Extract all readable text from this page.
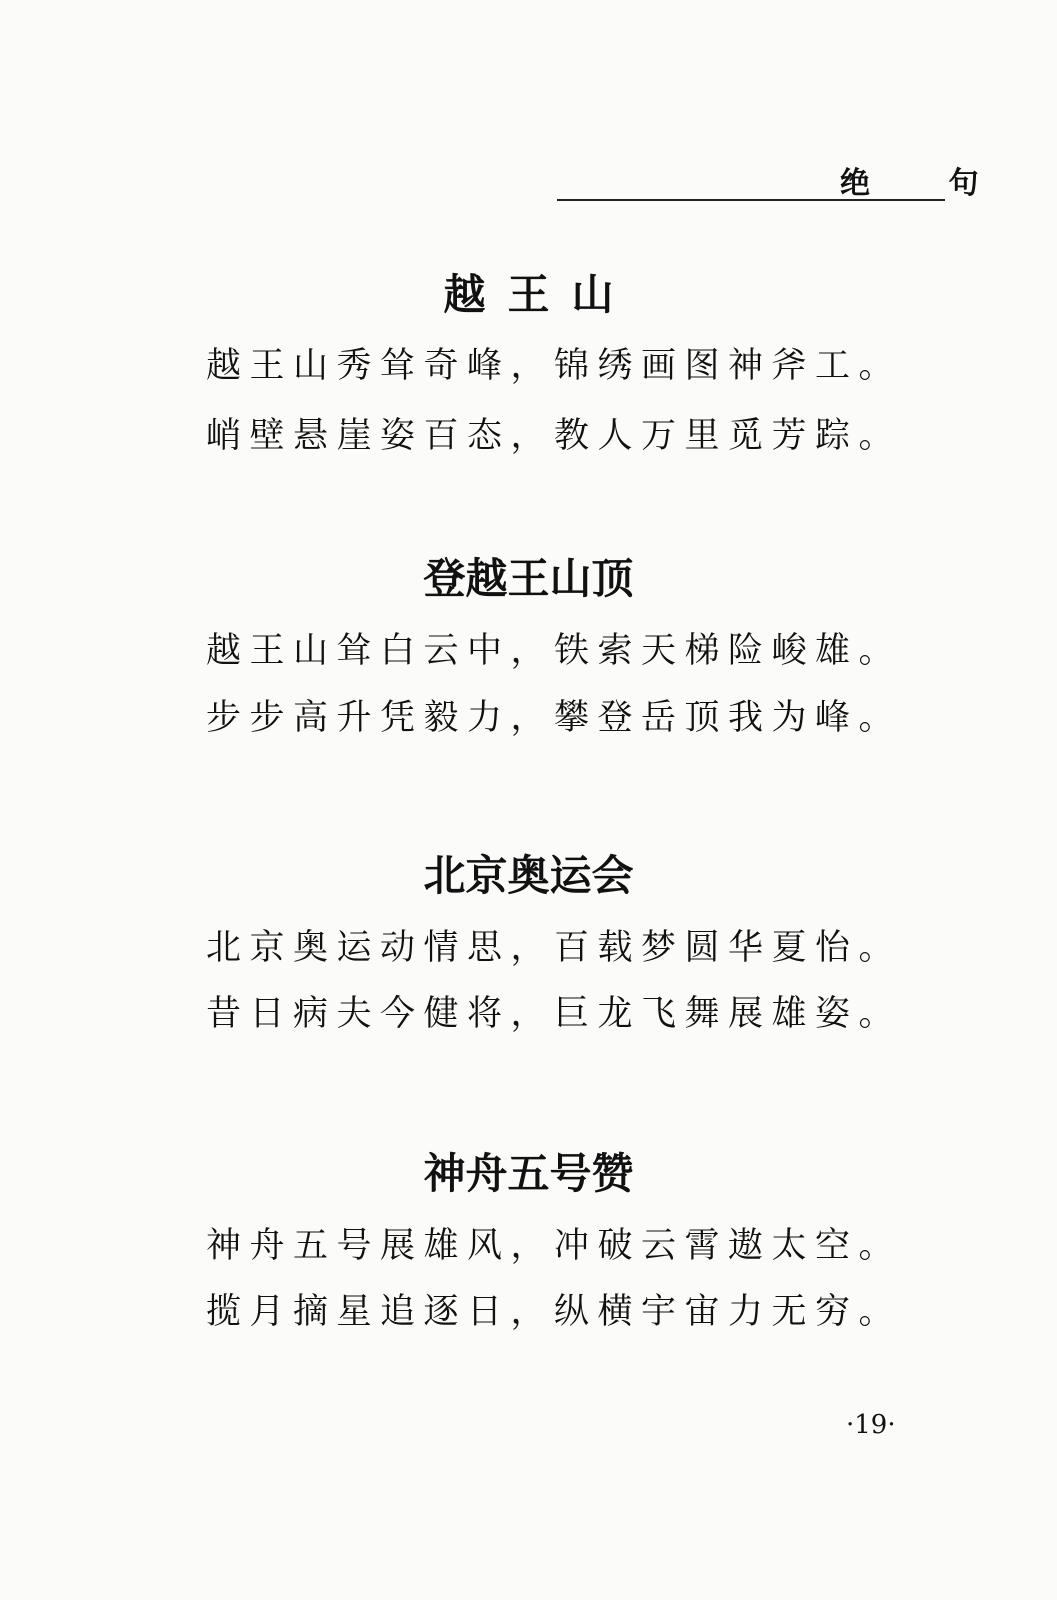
绝 句
越王山
越王山秀耸奇峰，锦绣画图神斧工。
峭壁悬崖姿百态，教人万里觅芳踪。
登越王山顶
越王山耸白云中，铁索天梯险峻雄。
步步高升凭毅力，攀登岳顶我为峰。
北京奥运会
北京奥运动情思，百载梦圆华夏怡。
昔日病夫今健将，巨龙飞舞展雄姿。
神舟五号赞
神舟五号展雄风，冲破云霄遨太空。
揽月摘星追逐日，纵横宇宙力无穷。
·19·
